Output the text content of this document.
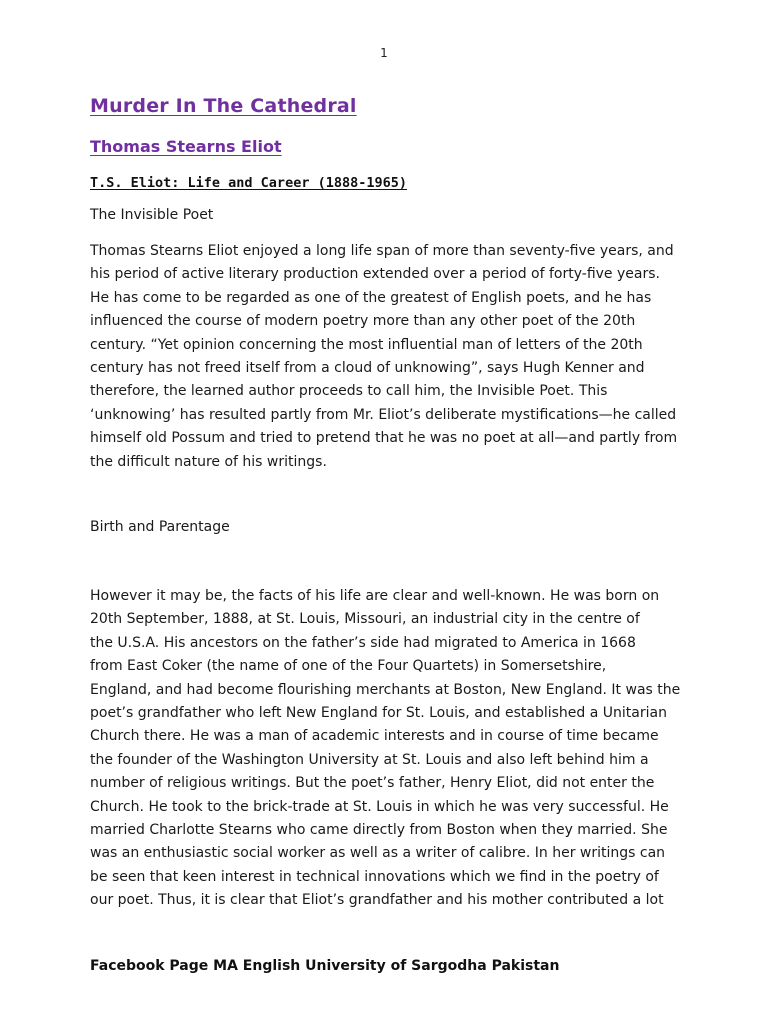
1

Murder In The Cathedral
Thomas Stearns Eliot
T.S. Eliot: Life and Career (1888-1965)

The Invisible Poet

Thomas Stearns Eliot enjoyed a long life span of more than seventy-five years, and
his period of active literary production extended over a period of forty-five years.
He has come to be regarded as one of the greatest of English poets, and he has
influenced the course of modern poetry more than any other poet of the 20th
century. “Yet opinion concerning the most influential man of letters of the 20th
century has not freed itself from a cloud of unknowing”, says Hugh Kenner and
therefore, the learned author proceeds to call him, the Invisible Poet. This
‘unknowing’ has resulted partly from Mr. Eliot’s deliberate mystifications—he called
himself old Possum and tried to pretend that he was no poet at all—and partly from
the difficult nature of his writings.

Birth and Parentage

However it may be, the facts of his life are clear and well-known. He was born on
20th September, 1888, at St. Louis, Missouri, an industrial city in the centre of
the U.S.A. His ancestors on the father’s side had migrated to America in 1668
from East Coker (the name of one of the Four Quartets) in Somersetshire,
England, and had become flourishing merchants at Boston, New England. It was the
poet’s grandfather who left New England for St. Louis, and established a Unitarian
Church there. He was a man of academic interests and in course of time became
the founder of the Washington University at St. Louis and also left behind him a
number of religious writings. But the poet’s father, Henry Eliot, did not enter the
Church. He took to the brick-trade at St. Louis in which he was very successful. He
married Charlotte Stearns who came directly from Boston when they married. She
was an enthusiastic social worker as well as a writer of calibre. In her writings can
be seen that keen interest in technical innovations which we find in the poetry of
our poet. Thus, it is clear that Eliot’s grandfather and his mother contributed a lot

Facebook Page MA English University of Sargodha Pakistan
